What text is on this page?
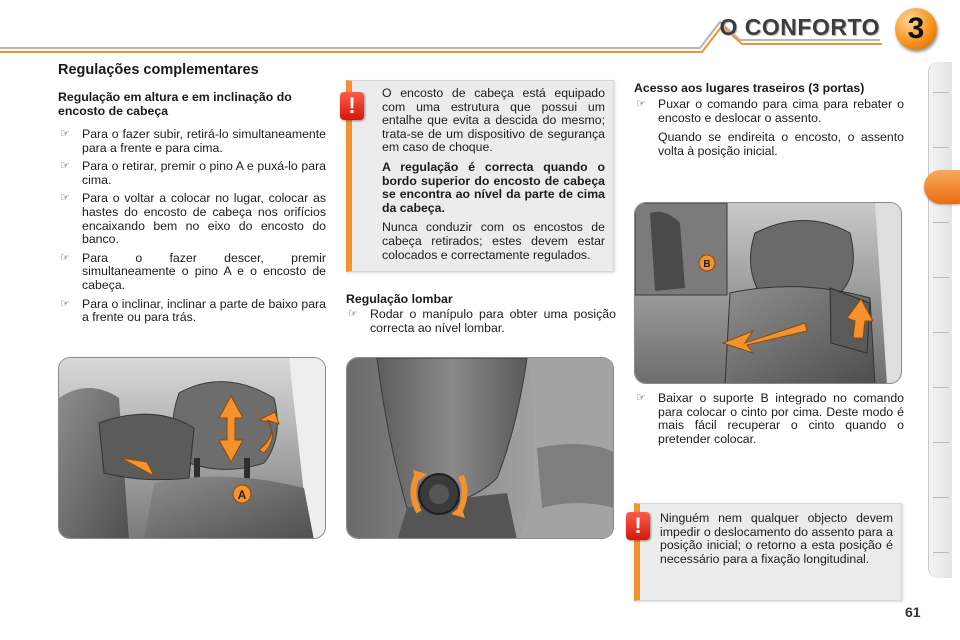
O CONFORTO 3
Regulações complementares
Regulação em altura e em inclinação do encosto de cabeça
☞ Para o fazer subir, retirá-lo simultaneamente para a frente e para cima.
☞ Para o retirar, premir o pino A e puxá-lo para cima.
☞ Para o voltar a colocar no lugar, colocar as hastes do encosto de cabeça nos orifícios encaixando bem no eixo do encosto do banco.
☞ Para o fazer descer, premir simultaneamente o pino A e o encosto de cabeça.
☞ Para o inclinar, inclinar a parte de baixo para a frente ou para trás.
A

O encosto de cabeça está equipado com uma estrutura que possui um entalhe que evita a descida do mesmo; trata-se de um dispositivo de segurança em caso de choque.

A regulação é correcta quando o bordo superior do encosto de cabeça se encontra ao nível da parte de cima da cabeça.

Nunca conduzir com os encostos de cabeça retirados; estes devem estar colocados e correctamente regulados.

!
Regulação lombar
☞ Rodar o manípulo para obter uma posição correcta ao nível lombar.
Acesso aos lugares traseiros (3 portas)
☞ Puxar o comando para cima para rebater o encosto e deslocar o assento.

Quando se endireita o encosto, o assento volta à posição inicial.

B
☞ Baixar o suporte B integrado no comando para colocar o cinto por cima. Deste modo é mais fácil recuperar o cinto quando o pretender colocar.

Ninguém nem qualquer objecto devem impedir o deslocamento do assento para a posição inicial; o retorno a esta posição é necessário para a fixação longitudinal.

!
61
